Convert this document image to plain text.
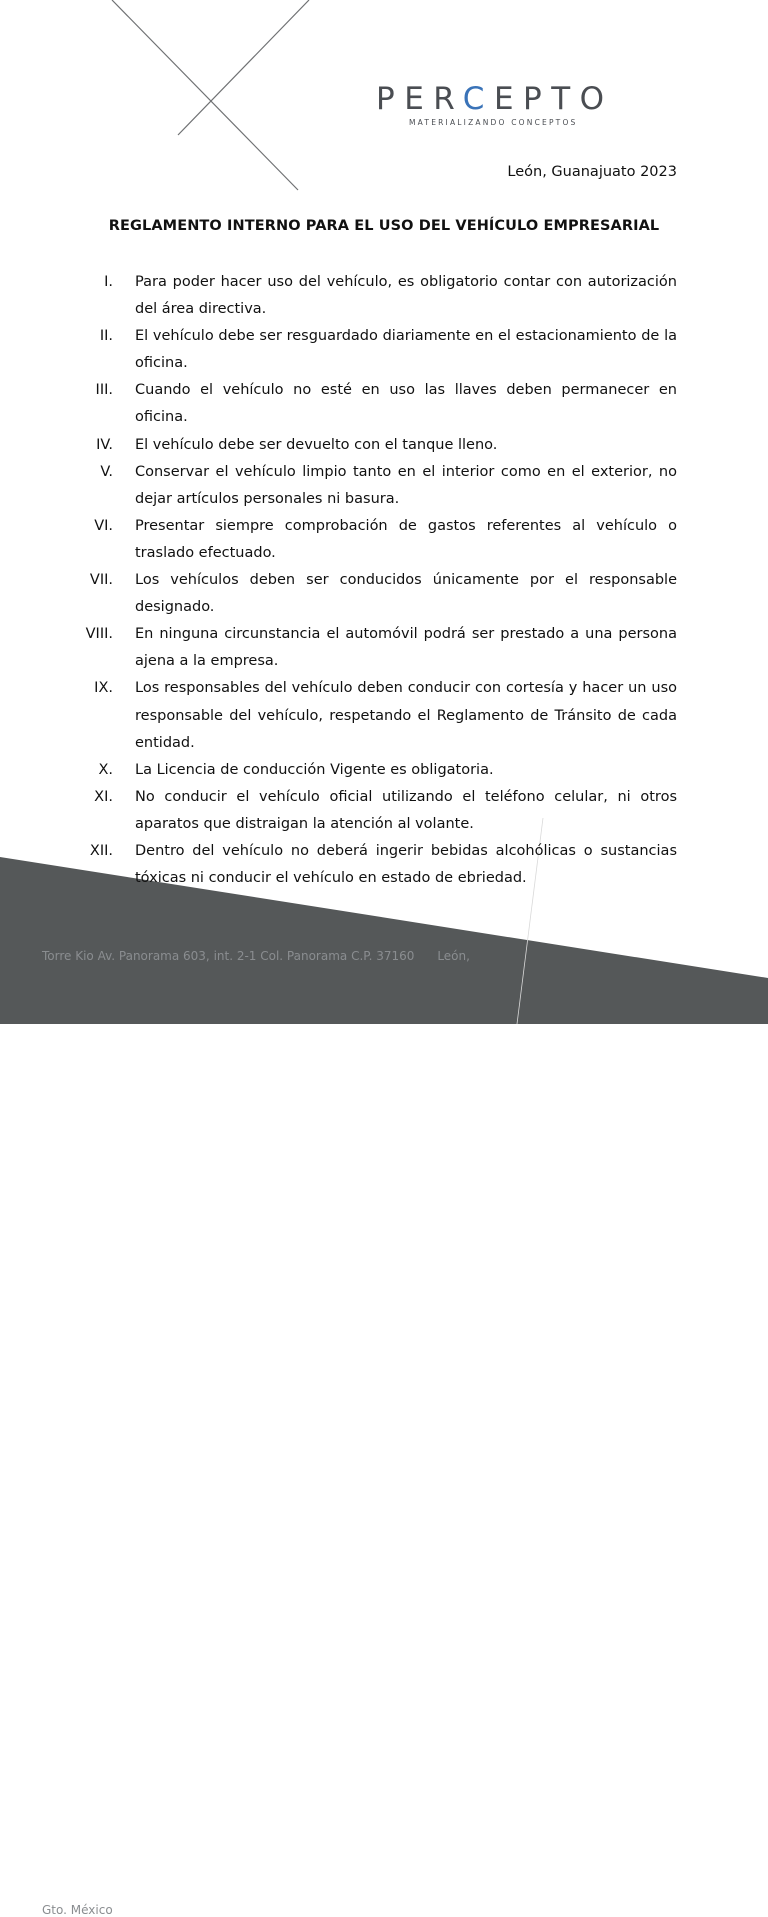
PERCEPTO
MATERIALIZANDO CONCEPTOS
León, Guanajuato 2023
REGLAMENTO INTERNO PARA EL USO DEL VEHÍCULO EMPRESARIAL
I. Para poder hacer uso del vehículo, es obligatorio contar con autorización del área directiva.
II. El vehículo debe ser resguardado diariamente en el estacionamiento de la oficina.
III. Cuando el vehículo no esté en uso las llaves deben permanecer en oficina.
IV. El vehículo debe ser devuelto con el tanque lleno.
V. Conservar el vehículo limpio tanto en el interior como en el exterior, no dejar artículos personales ni basura.
VI. Presentar siempre comprobación de gastos referentes al vehículo o traslado efectuado.
VII. Los vehículos deben ser conducidos únicamente por el responsable designado.
VIII. En ninguna circunstancia el automóvil podrá ser prestado a una persona ajena a la empresa.
IX. Los responsables del vehículo deben conducir con cortesía y hacer un uso responsable del vehículo, respetando el Reglamento de Tránsito de cada entidad.
X. La Licencia de conducción Vigente es obligatoria.
XI. No conducir el vehículo oficial utilizando el teléfono celular, ni otros aparatos que distraigan la atención al volante.
XII. Dentro del vehículo no deberá ingerir bebidas alcohólicas o sustancias tóxicas ni conducir el vehículo en estado de ebriedad.
Torre Kio Av. Panorama 603, int. 2-1 Col. Panorama C.P. 37160      León,
Gto. México
